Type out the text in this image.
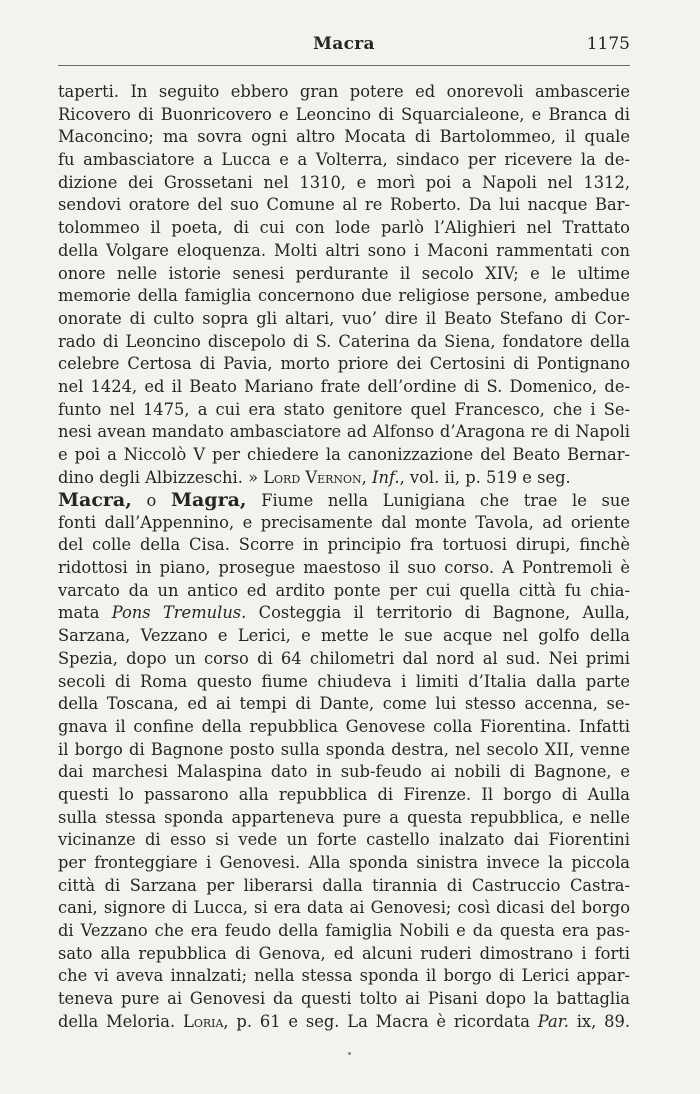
Macra	1175
taperti. In seguito ebbero gran potere ed onorevoli ambascerie
Ricovero di Buonricovero e Leoncino di Squarcialeone, e Branca di
Maconcino; ma sovra ogni altro Mocata di Bartolommeo, il quale
fu ambasciatore a Lucca e a Volterra, sindaco per ricevere la de-
dizione dei Grossetani nel 1310, e morì poi a Napoli nel 1312,
sendovi oratore del suo Comune al re Roberto. Da lui nacque Bar-
tolommeo il poeta, di cui con lode parlò l’Alighieri nel Trattato
della Volgare eloquenza. Molti altri sono i Maconi rammentati con
onore nelle istorie senesi perdurante il secolo XIV; e le ultime
memorie della famiglia concernono due religiose persone, ambedue
onorate di culto sopra gli altari, vuo’ dire il Beato Stefano di Cor-
rado di Leoncino discepolo di S. Caterina da Siena, fondatore della
celebre Certosa di Pavia, morto priore dei Certosini di Pontignano
nel 1424, ed il Beato Mariano frate dell’ordine di S. Domenico, de-
funto nel 1475, a cui era stato genitore quel Francesco, che i Se-
nesi avean mandato ambasciatore ad Alfonso d’Aragona re di Napoli
e poi a Niccolò V per chiedere la canonizzazione del Beato Bernar-
dino degli Albizzeschi. » Lord Vernon, Inf., vol. ii, p. 519 e seg.
Macra, o Magra, Fiume nella Lunigiana che trae le sue
fonti dall’Appennino, e precisamente dal monte Tavola, ad oriente
del colle della Cisa. Scorre in principio fra tortuosi dirupi, finchè
ridottosi in piano, prosegue maestoso il suo corso. A Pontremoli è
varcato da un antico ed ardito ponte per cui quella città fu chia-
mata Pons Tremulus. Costeggia il territorio di Bagnone, Aulla,
Sarzana, Vezzano e Lerici, e mette le sue acque nel golfo della
Spezia, dopo un corso di 64 chilometri dal nord al sud. Nei primi
secoli di Roma questo fiume chiudeva i limiti d’Italia dalla parte
della Toscana, ed ai tempi di Dante, come lui stesso accenna, se-
gnava il confine della repubblica Genovese colla Fiorentina. Infatti
il borgo di Bagnone posto sulla sponda destra, nel secolo XII, venne
dai marchesi Malaspina dato in sub-feudo ai nobili di Bagnone, e
questi lo passarono alla repubblica di Firenze. Il borgo di Aulla
sulla stessa sponda apparteneva pure a questa repubblica, e nelle
vicinanze di esso si vede un forte castello inalzato dai Fiorentini
per fronteggiare i Genovesi. Alla sponda sinistra invece la piccola
città di Sarzana per liberarsi dalla tirannia di Castruccio Castra-
cani, signore di Lucca, si era data ai Genovesi; così dicasi del borgo
di Vezzano che era feudo della famiglia Nobili e da questa era pas-
sato alla repubblica di Genova, ed alcuni ruderi dimostrano i forti
che vi aveva innalzati; nella stessa sponda il borgo di Lerici appar-
teneva pure ai Genovesi da questi tolto ai Pisani dopo la battaglia
della Meloria. Loria, p. 61 e seg. La Macra è ricordata Par. ix, 89.
